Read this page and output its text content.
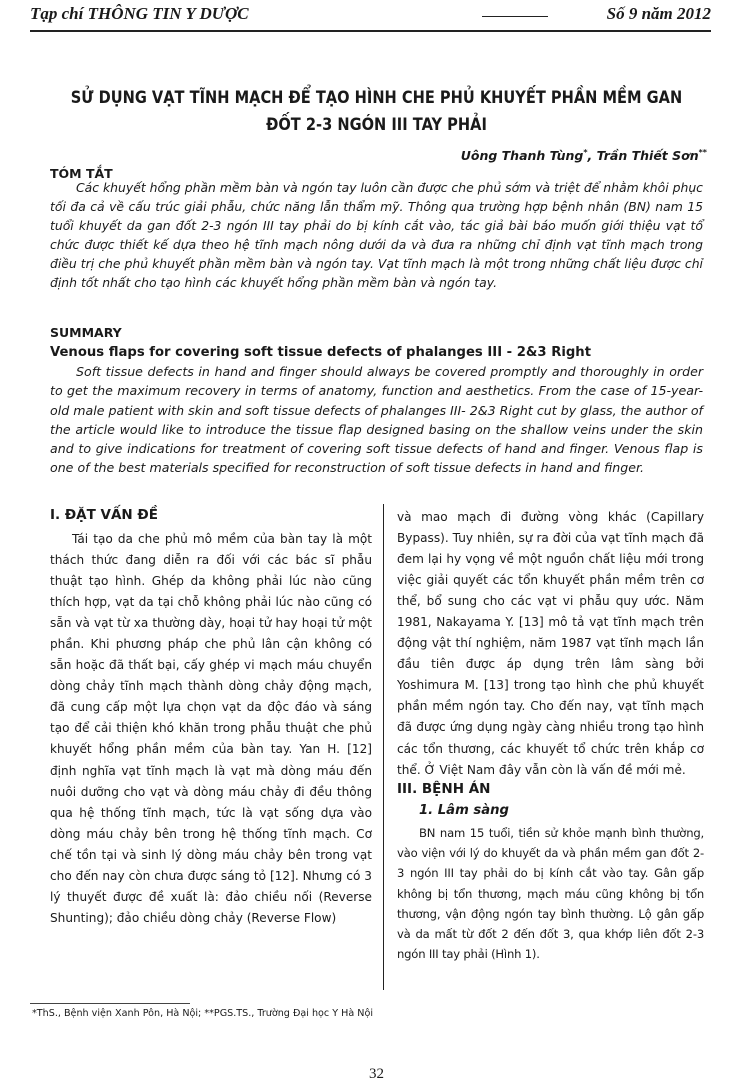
Tạp chí THÔNG TIN Y DƯỢC	Số 9 năm 2012
SỬ DỤNG VẠT TĨNH MẠCH ĐỂ TẠO HÌNH CHE PHỦ KHUYẾT PHẦN MỀM GAN
ĐỐT 2-3 NGÓN III TAY PHẢI
Uông Thanh Tùng*, Trần Thiết Sơn**
TÓM TẮT

Các khuyết hổng phần mềm bàn và ngón tay luôn cần được che phủ sớm và triệt để nhằm khôi phục tối đa cả về cấu trúc giải phẫu, chức năng lẫn thẩm mỹ. Thông qua trường hợp bệnh nhân (BN) nam 15 tuổi khuyết da gan đốt 2-3 ngón III tay phải do bị kính cắt vào, tác giả bài báo muốn giới thiệu vạt tổ chức được thiết kế dựa theo hệ tĩnh mạch nông dưới da và đưa ra những chỉ định vạt tĩnh mạch trong điều trị che phủ khuyết phần mềm bàn và ngón tay. Vạt tĩnh mạch là một trong những chất liệu được chỉ định tốt nhất cho tạo hình các khuyết hổng phần mềm bàn và ngón tay.

SUMMARY
Venous flaps for covering soft tissue defects of phalanges III - 2&3 Right

Soft tissue defects in hand and finger should always be covered promptly and thoroughly in order to get the maximum recovery in terms of anatomy, function and aesthetics. From the case of 15-year-old male patient with skin and soft tissue defects of phalanges III- 2&3 Right cut by glass, the author of the article would like to introduce the tissue flap designed basing on the shallow veins under the skin and to give indications for treatment of covering soft tissue defects of hand and finger. Venous flap is one of the best materials specified for reconstruction of soft tissue defects in hand and finger.

I. ĐẶT VẤN ĐỀ

Tái tạo da che phủ mô mềm của bàn tay là một thách thức đang diễn ra đối với các bác sĩ phẫu thuật tạo hình. Ghép da không phải lúc nào cũng thích hợp, vạt da tại chỗ không phải lúc nào cũng có sẵn và vạt từ xa thường dày, hoại tử hay hoại tử một phần. Khi phương pháp che phủ lân cận không có sẵn hoặc đã thất bại, cấy ghép vi mạch máu chuyển dòng chảy tĩnh mạch thành dòng chảy động mạch, đã cung cấp một lựa chọn vạt da độc đáo và sáng tạo để cải thiện khó khăn trong phẫu thuật che phủ khuyết hổng phần mềm của bàn tay. Yan H. [12] định nghĩa vạt tĩnh mạch là vạt mà dòng máu đến nuôi dưỡng cho vạt và dòng máu chảy đi đều thông qua hệ thống tĩnh mạch, tức là vạt sống dựa vào dòng máu chảy bên trong hệ thống tĩnh mạch. Cơ chế tồn tại và sinh lý dòng máu chảy bên trong vạt cho đến nay còn chưa được sáng tỏ [12]. Nhưng có 3 lý thuyết được đề xuất là: đảo chiều nối (Reverse Shunting); đảo chiều dòng chảy (Reverse Flow)

và mao mạch đi đường vòng khác (Capillary Bypass). Tuy nhiên, sự ra đời của vạt tĩnh mạch đã đem lại hy vọng về một nguồn chất liệu mới trong việc giải quyết các tổn khuyết phần mềm trên cơ thể, bổ sung cho các vạt vi phẫu quy ước. Năm 1981, Nakayama Y. [13] mô tả vạt tĩnh mạch trên động vật thí nghiệm, năm 1987 vạt tĩnh mạch lần đầu tiên được áp dụng trên lâm sàng bởi Yoshimura M. [13] trong tạo hình che phủ khuyết phần mềm ngón tay. Cho đến nay, vạt tĩnh mạch đã được ứng dụng ngày càng nhiều trong tạo hình các tổn thương, các khuyết tổ chức trên khắp cơ thể. Ở Việt Nam đây vẫn còn là vấn đề mới mẻ.

III. BỆNH ÁN
1. Lâm sàng

BN nam 15 tuổi, tiền sử khỏe mạnh bình thường, vào viện với lý do khuyết da và phần mềm gan đốt 2-3 ngón III tay phải do bị kính cắt vào tay. Gân gấp không bị tổn thương, mạch máu cũng không bị tổn thương, vận động ngón tay bình thường. Lộ gân gấp và da mất từ đốt 2 đến đốt 3, qua khớp liên đốt 2-3 ngón III tay phải (Hình 1).

*ThS., Bệnh viện Xanh Pôn, Hà Nội; **PGS.TS., Trường Đại học Y Hà Nội
32
